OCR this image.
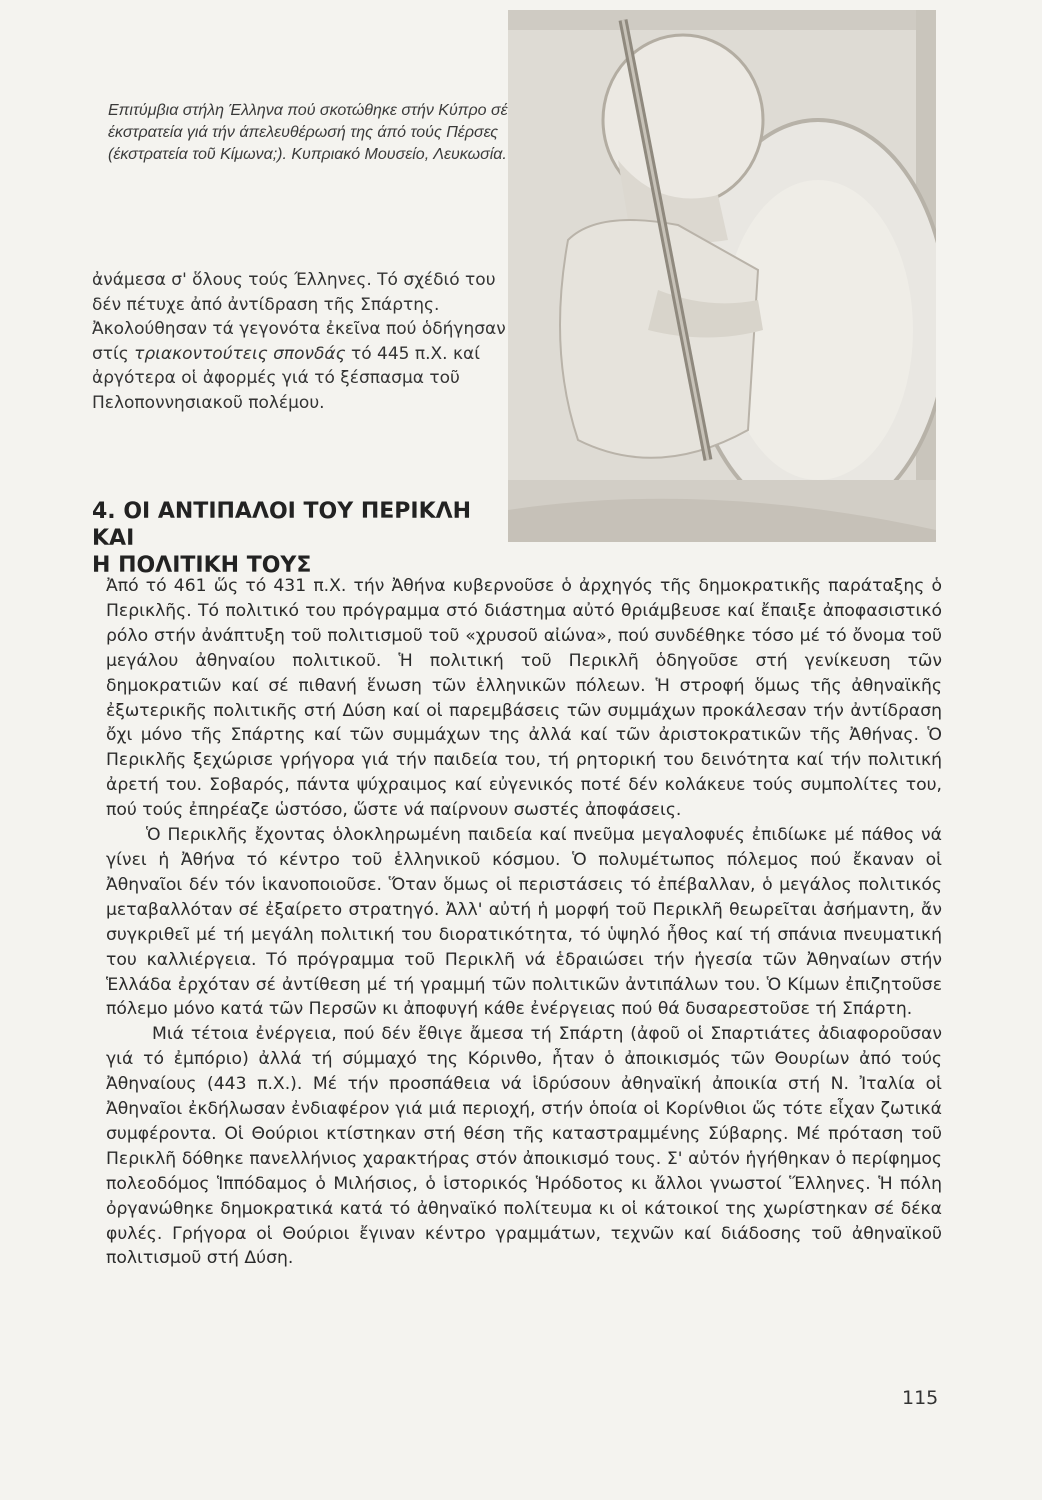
Επιτύμβια στήλη Έλληνα πού σκοτώθηκε στήν Κύπρο σέ έκστρατεία γιά τήν άπελευθέρωσή της άπό τούς Πέρσες (έκστρατεία τοῦ Κίμωνα;). Κυπριακό Μουσείο, Λευκωσία.

ἀνάμεσα σ' ὅλους τούς Έλληνες. Τό σχέδιό του δέν πέτυχε ἀπό ἀντίδραση τῆς Σπάρτης. Ἀκολούθησαν τά γεγονότα ἐκεῖνα πού ὁδήγησαν στίς τριακοντούτεις σπονδάς τό 445 π.Χ. καί ἀργότερα οἱ ἀφορμές γιά τό ξέσπασμα τοῦ Πελοποννησιακοῦ πολέμου.

4. ΟΙ ΑΝΤΙΠΑΛΟΙ ΤΟΥ ΠΕΡΙΚΛΗ ΚΑΙ
Η ΠΟΛΙΤΙΚΗ ΤΟΥΣ

Ἀπό τό 461 ὥς τό 431 π.Χ. τήν Ἀθήνα κυβερνοῦσε ὁ ἀρχηγός τῆς δημοκρατικῆς παράταξης ὁ Περικλῆς. Τό πολιτικό του πρόγραμμα στό διάστημα αὐτό θριάμβευσε καί ἔπαιξε ἀποφασιστικό ρόλο στήν ἀνάπτυξη τοῦ πολιτισμοῦ τοῦ «χρυσοῦ αἰώνα», πού συνδέθηκε τόσο μέ τό ὄνομα τοῦ μεγάλου ἀθηναίου πολιτικοῦ. Ἡ πολιτική τοῦ Περικλῆ ὁδηγοῦσε στή γενίκευση τῶν δημοκρατιῶν καί σέ πιθανή ἕνωση τῶν ἑλληνικῶν πόλεων. Ἡ στροφή ὅμως τῆς ἀθηναϊκῆς ἐξωτερικῆς πολιτικῆς στή Δύση καί οἱ παρεμβάσεις τῶν συμμάχων προκάλεσαν τήν ἀντίδραση ὄχι μόνο τῆς Σπάρτης καί τῶν συμμάχων της ἀλλά καί τῶν ἀριστοκρατικῶν τῆς Ἀθήνας. Ὁ Περικλῆς ξεχώρισε γρήγορα γιά τήν παιδεία του, τή ρητορική του δεινότητα καί τήν πολιτική ἀρετή του. Σοβαρός, πάντα ψύχραιμος καί εὐγενικός ποτέ δέν κολάκευε τούς συμπολίτες του, πού τούς ἐπηρέαζε ὡστόσο, ὥστε νά παίρνουν σωστές ἀποφάσεις.

Ὁ Περικλῆς ἔχοντας ὁλοκληρωμένη παιδεία καί πνεῦμα μεγαλοφυές ἐπιδίωκε μέ πάθος νά γίνει ἡ Ἀθήνα τό κέντρο τοῦ ἑλληνικοῦ κόσμου. Ὁ πολυμέτωπος πόλεμος πού ἔκαναν οἱ Ἀθηναῖοι δέν τόν ἱκανοποιοῦσε. Ὅταν ὅμως οἱ περιστάσεις τό ἐπέβαλλαν, ὁ μεγάλος πολιτικός μεταβαλλόταν σέ ἐξαίρετο στρατηγό. Ἀλλ' αὐτή ἡ μορφή τοῦ Περικλῆ θεωρεῖται ἀσήμαντη, ἄν συγκριθεῖ μέ τή μεγάλη πολιτική του διορατικότητα, τό ὑψηλό ἦθος καί τή σπάνια πνευματική του καλλιέργεια. Τό πρόγραμμα τοῦ Περικλῆ νά ἑδραιώσει τήν ἡγεσία τῶν Ἀθηναίων στήν Ἑλλάδα ἐρχόταν σέ ἀντίθεση μέ τή γραμμή τῶν πολιτικῶν ἀντιπάλων του. Ὁ Κίμων ἐπιζητοῦσε πόλεμο μόνο κατά τῶν Περσῶν κι ἀποφυγή κάθε ἐνέργειας πού θά δυσαρεστοῦσε τή Σπάρτη.

Μιά τέτοια ἐνέργεια, πού δέν ἔθιγε ἄμεσα τή Σπάρτη (ἀφοῦ οἱ Σπαρτιάτες ἀδιαφοροῦσαν γιά τό ἐμπόριο) ἀλλά τή σύμμαχό της Κόρινθο, ἦταν ὁ ἀποικισμός τῶν Θουρίων ἀπό τούς Ἀθηναίους (443 π.Χ.). Μέ τήν προσπάθεια νά ἱδρύσουν ἀθηναϊκή ἀποικία στή Ν. Ἰταλία οἱ Ἀθηναῖοι ἐκδήλωσαν ἐνδιαφέρον γιά μιά περιοχή, στήν ὁποία οἱ Κορίνθιοι ὥς τότε εἶχαν ζωτικά συμφέροντα. Οἱ Θούριοι κτίστηκαν στή θέση τῆς καταστραμμένης Σύβαρης. Μέ πρόταση τοῦ Περικλῆ δόθηκε πανελλήνιος χαρακτήρας στόν ἀποικισμό τους. Σ' αὐτόν ἡγήθηκαν ὁ περίφημος πολεοδόμος Ἱππόδαμος ὁ Μιλήσιος, ὁ ἱστορικός Ἡρόδοτος κι ἄλλοι γνωστοί Ἕλληνες. Ἡ πόλη ὀργανώθηκε δημοκρατικά κατά τό ἀθηναϊκό πολίτευμα κι οἱ κάτοικοί της χωρίστηκαν σέ δέκα φυλές. Γρήγορα οἱ Θούριοι ἔγιναν κέντρο γραμμάτων, τεχνῶν καί διάδοσης τοῦ ἀθηναϊκοῦ πολιτισμοῦ στή Δύση.

115
